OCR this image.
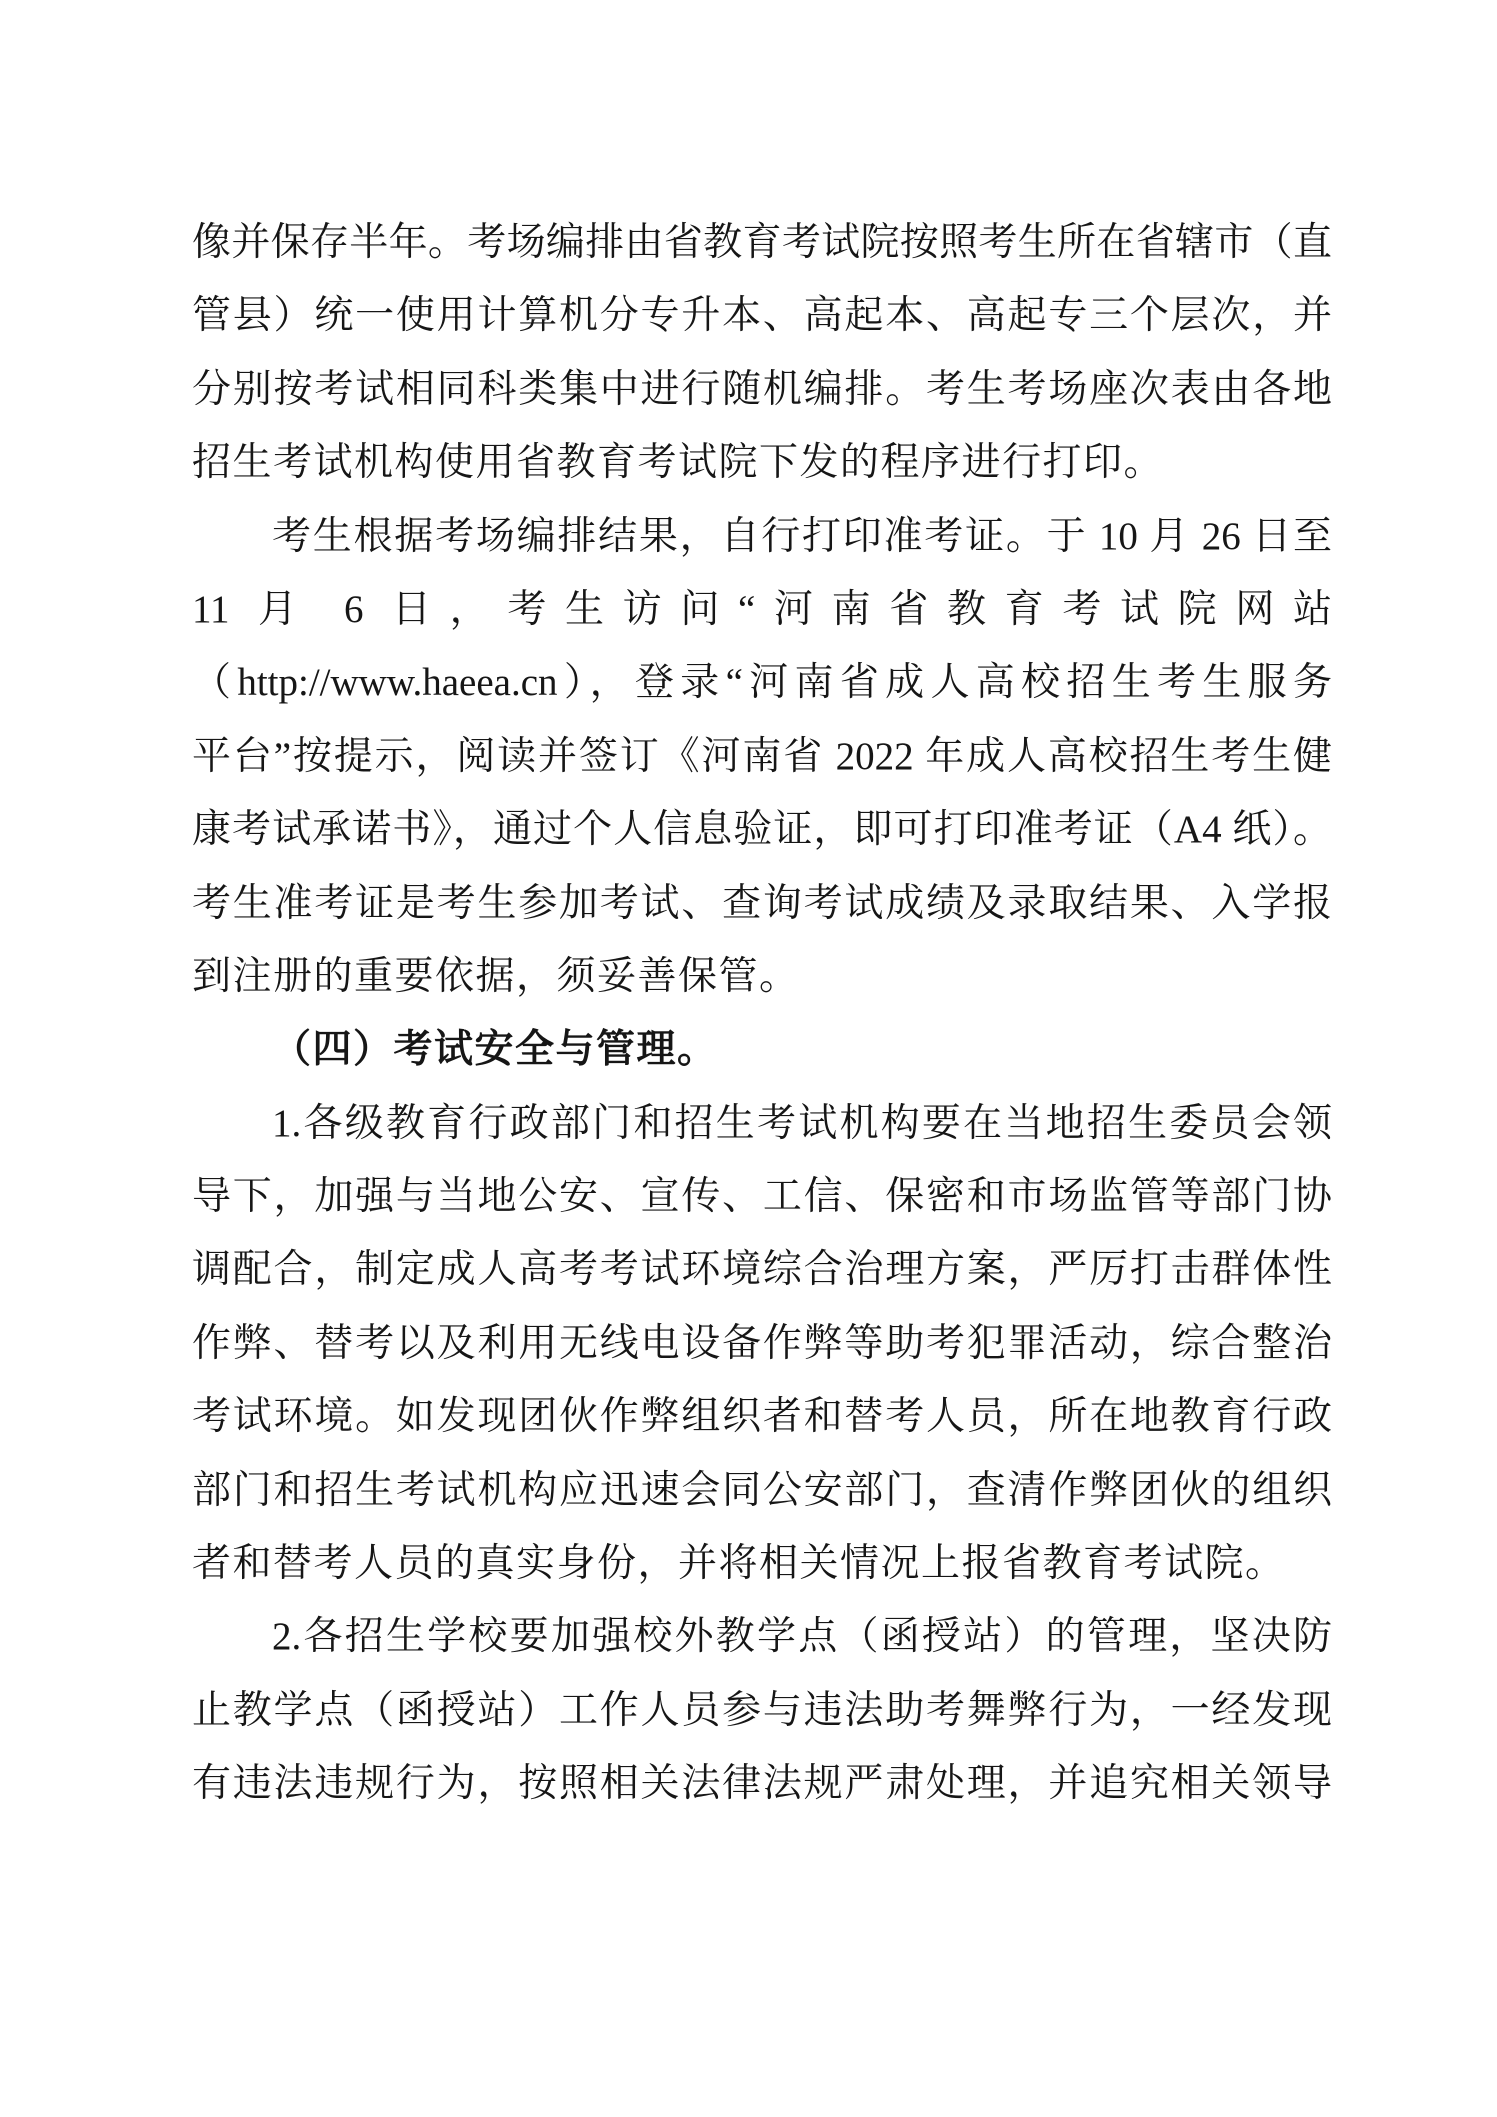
像并保存半年。考场编排由省教育考试院按照考生所在省辖市（直
管县）统一使用计算机分专升本、高起本、高起专三个层次，并
分别按考试相同科类集中进行随机编排。考生考场座次表由各地
招生考试机构使用省教育考试院下发的程序进行打印。
考生根据考场编排结果，自行打印准考证。于 10 月 26 日至
11 月 6 日，考生访问“河南省教育考试院网站
（http://www.haeea.cn），登录“河南省成人高校招生考生服务
平台”按提示，阅读并签订《河南省 2022 年成人高校招生考生健
康考试承诺书》，通过个人信息验证，即可打印准考证（A4 纸）。
考生准考证是考生参加考试、查询考试成绩及录取结果、入学报
到注册的重要依据，须妥善保管。
（四）考试安全与管理。
1.各级教育行政部门和招生考试机构要在当地招生委员会领
导下，加强与当地公安、宣传、工信、保密和市场监管等部门协
调配合，制定成人高考考试环境综合治理方案，严厉打击群体性
作弊、替考以及利用无线电设备作弊等助考犯罪活动，综合整治
考试环境。如发现团伙作弊组织者和替考人员，所在地教育行政
部门和招生考试机构应迅速会同公安部门，查清作弊团伙的组织
者和替考人员的真实身份，并将相关情况上报省教育考试院。
2.各招生学校要加强校外教学点（函授站）的管理，坚决防
止教学点（函授站）工作人员参与违法助考舞弊行为，一经发现
有违法违规行为，按照相关法律法规严肃处理，并追究相关领导
